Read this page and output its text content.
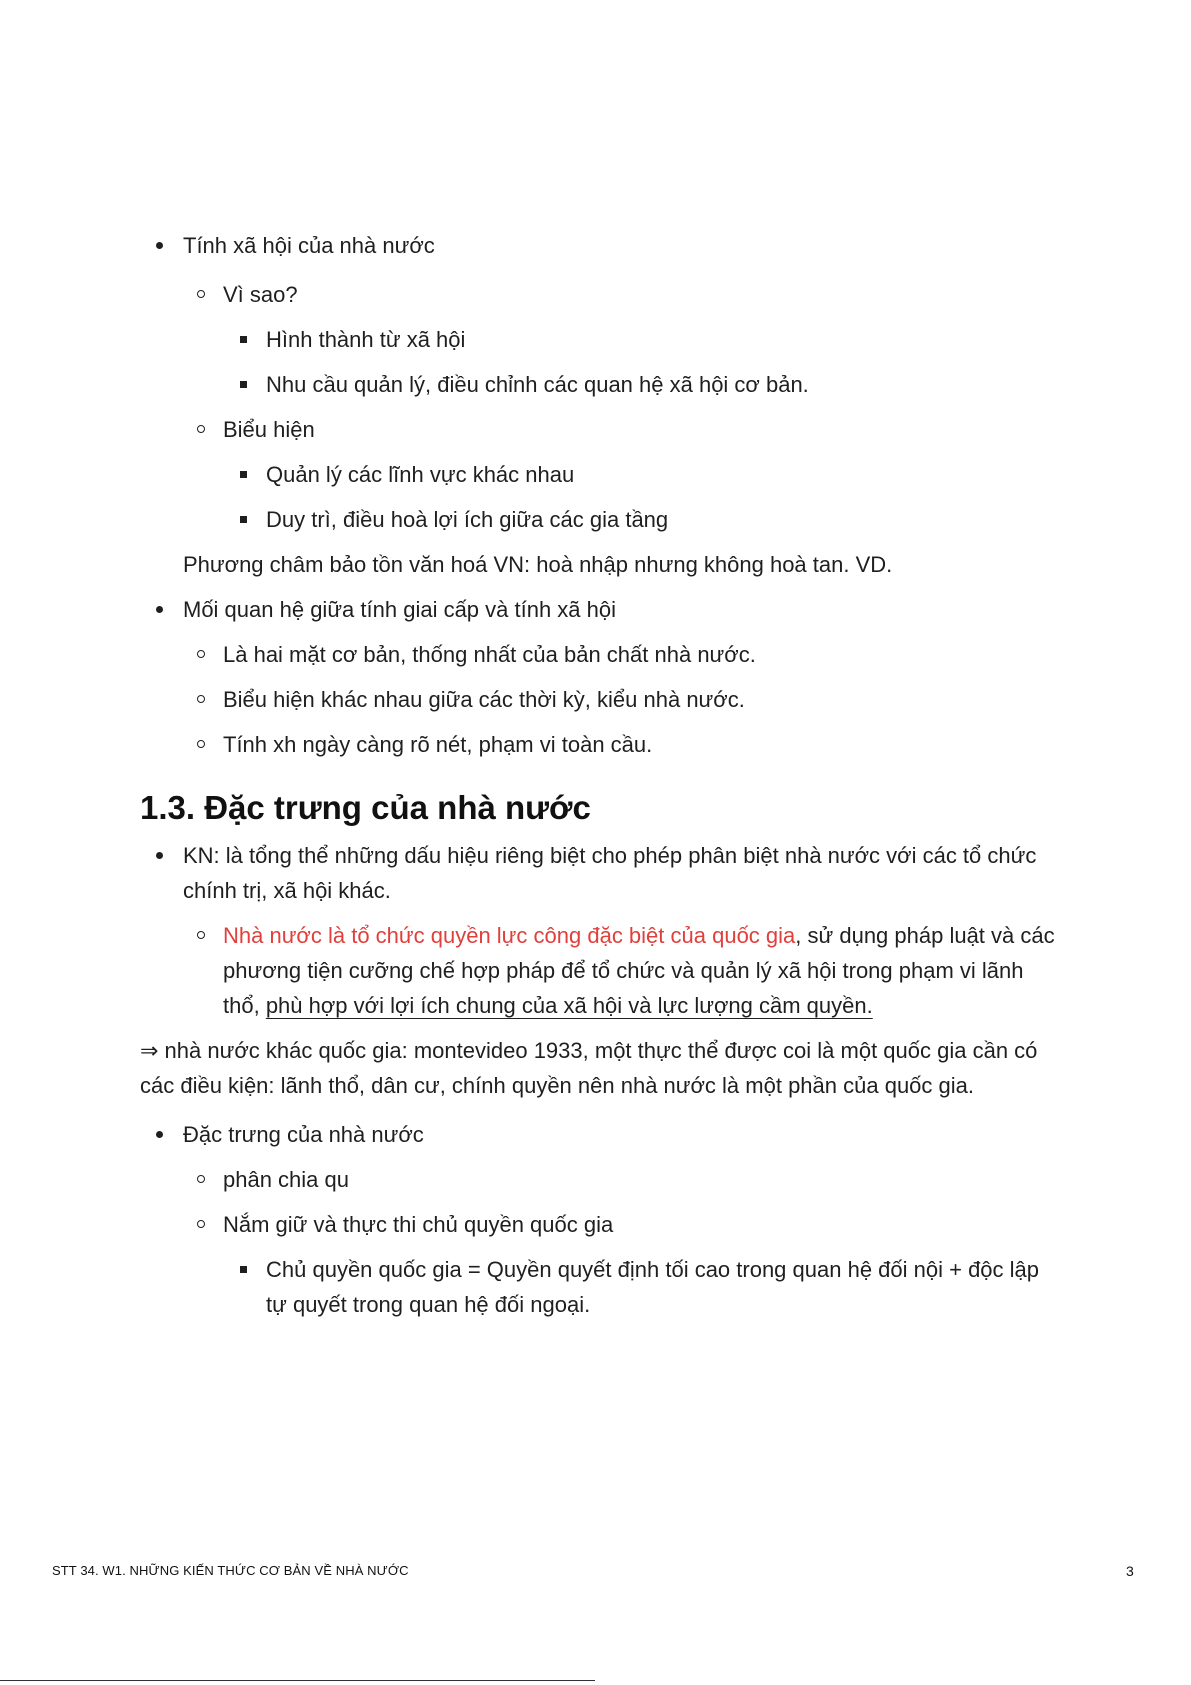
Tính xã hội của nhà nước
Vì sao?
Hình thành từ xã hội
Nhu cầu quản lý, điều chỉnh các quan hệ xã hội cơ bản.
Biểu hiện
Quản lý các lĩnh vực khác nhau
Duy trì, điều hoà lợi ích giữa các gia tầng
Phương châm bảo tồn văn hoá VN: hoà nhập nhưng không hoà tan. VD.
Mối quan hệ giữa tính giai cấp và tính xã hội
Là hai mặt cơ bản, thống nhất của bản chất nhà nước.
Biểu hiện khác nhau giữa các thời kỳ, kiểu nhà nước.
Tính xh ngày càng rõ nét, phạm vi toàn cầu.
1.3. Đặc trưng của nhà nước
KN: là tổng thể những dấu hiệu riêng biệt cho phép phân biệt nhà nước với các tổ chức chính trị, xã hội khác.
Nhà nước là tổ chức quyền lực công đặc biệt của quốc gia, sử dụng pháp luật và các phương tiện cưỡng chế hợp pháp để tổ chức và quản lý xã hội trong phạm vi lãnh thổ, phù hợp với lợi ích chung của xã hội và lực lượng cầm quyền.
⇒ nhà nước khác quốc gia: montevideo 1933, một thực thể được coi là một quốc gia cần có các điều kiện: lãnh thổ, dân cư, chính quyền nên nhà nước là một phần của quốc gia.
Đặc trưng của nhà nước
phân chia qu
Nắm giữ và thực thi chủ quyền quốc gia
Chủ quyền quốc gia = Quyền quyết định tối cao trong quan hệ đối nội + độc lập tự quyết trong quan hệ đối ngoại.
STT 34. W1. NHỮNG KIẾN THỨC CƠ BẢN VỀ NHÀ NƯỚC	3
